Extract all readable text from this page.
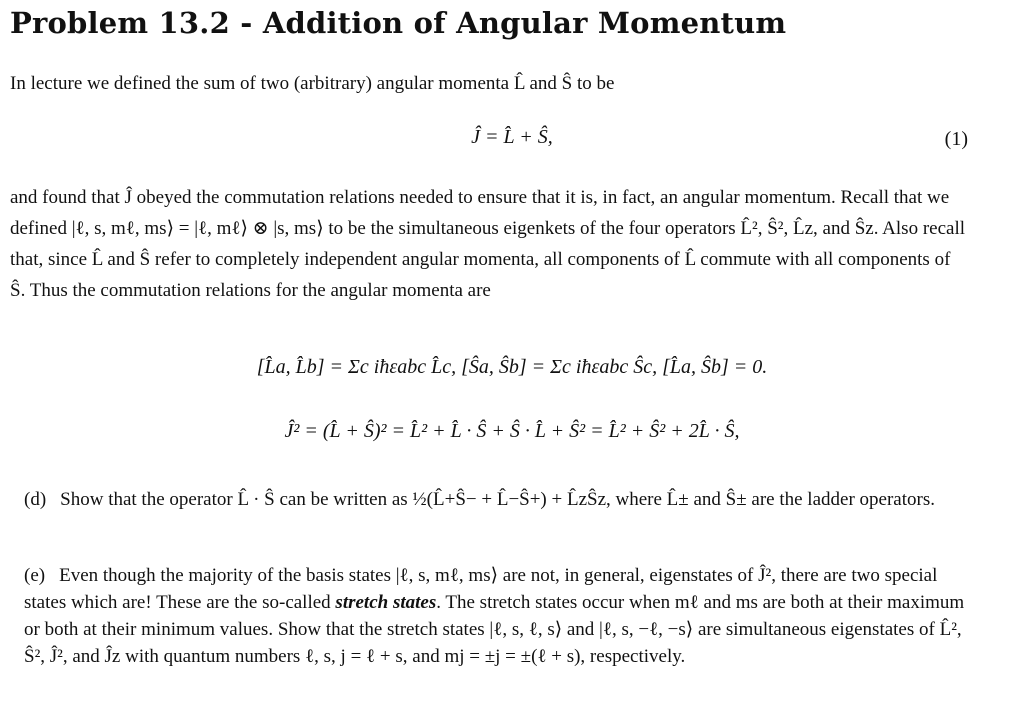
Problem 13.2 - Addition of Angular Momentum
In lecture we defined the sum of two (arbitrary) angular momenta L̂ and Ŝ to be
Ĵ = L̂ + Ŝ,	(1)
and found that Ĵ obeyed the commutation relations needed to ensure that it is, in fact, an angular momentum. Recall that we defined |ℓ, s, mℓ, ms⟩ = |ℓ, mℓ⟩ ⊗ |s, ms⟩ to be the simultaneous eigenkets of the four operators L̂², Ŝ², L̂z, and Ŝz. Also recall that, since L̂ and Ŝ refer to completely independent angular momenta, all components of L̂ commute with all components of Ŝ. Thus the commutation relations for the angular momenta are
[L̂a, L̂b] = Σc iħεabc L̂c, [Ŝa, Ŝb] = Σc iħεabc Ŝc, [L̂a, Ŝb] = 0.
Ĵ² = (L̂ + Ŝ)² = L̂² + L̂ · Ŝ + Ŝ · L̂ + Ŝ² = L̂² + Ŝ² + 2L̂ · Ŝ,
(d) Show that the operator L̂ · Ŝ can be written as ½(L̂+Ŝ− + L̂−Ŝ+) + L̂zŜz, where L̂± and Ŝ± are the ladder operators.
(e) Even though the majority of the basis states |ℓ, s, mℓ, ms⟩ are not, in general, eigenstates of Ĵ², there are two special states which are! These are the so-called stretch states. The stretch states occur when mℓ and ms are both at their maximum or both at their minimum values. Show that the stretch states |ℓ, s, ℓ, s⟩ and |ℓ, s, −ℓ, −s⟩ are simultaneous eigenstates of L̂², Ŝ², Ĵ², and Ĵz with quantum numbers ℓ, s, j = ℓ + s, and mj = ±j = ±(ℓ + s), respectively.
